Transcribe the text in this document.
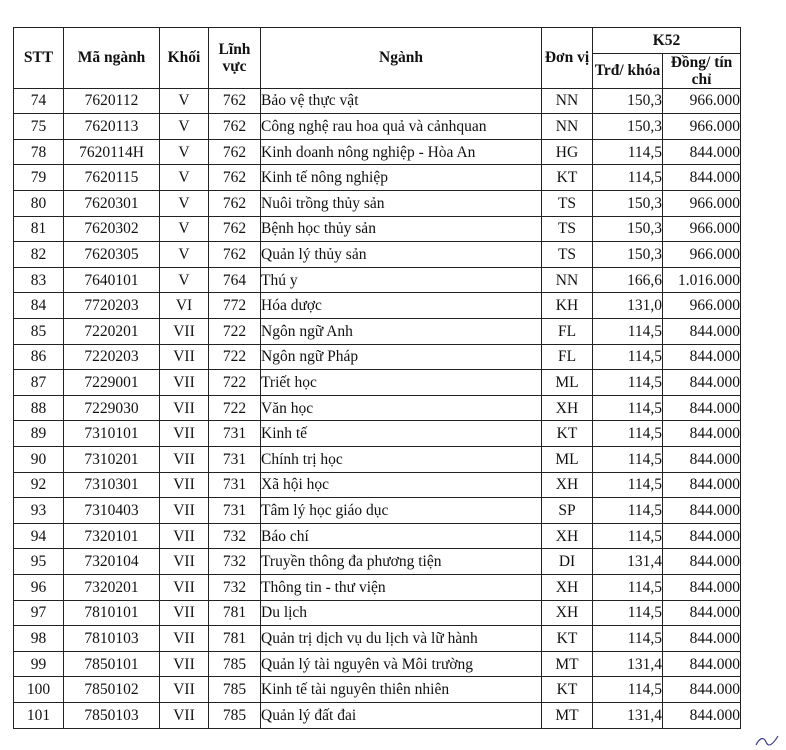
STT	Mã ngành	Khối	Lĩnh vực	Ngành	Đơn vị	K52	
						Trđ/ khóa	Đồng/ tín chỉ
74	7620112	V	762	Bảo vệ thực vật	NN	150,3	966.000
75	7620113	V	762	Công nghệ rau hoa quả và cảnhquan	NN	150,3	966.000
78	7620114H	V	762	Kinh doanh nông nghiệp - Hòa An	HG	114,5	844.000
79	7620115	V	762	Kinh tế nông nghiệp	KT	114,5	844.000
80	7620301	V	762	Nuôi trồng thủy sản	TS	150,3	966.000
81	7620302	V	762	Bệnh học thủy sản	TS	150,3	966.000
82	7620305	V	762	Quản lý thủy sản	TS	150,3	966.000
83	7640101	V	764	Thú y	NN	166,6	1.016.000
84	7720203	VI	772	Hóa dược	KH	131,0	966.000
85	7220201	VII	722	Ngôn ngữ Anh	FL	114,5	844.000
86	7220203	VII	722	Ngôn ngữ Pháp	FL	114,5	844.000
87	7229001	VII	722	Triết học	ML	114,5	844.000
88	7229030	VII	722	Văn học	XH	114,5	844.000
89	7310101	VII	731	Kinh tế	KT	114,5	844.000
90	7310201	VII	731	Chính trị học	ML	114,5	844.000
92	7310301	VII	731	Xã hội học	XH	114,5	844.000
93	7310403	VII	731	Tâm lý học giáo dục	SP	114,5	844.000
94	7320101	VII	732	Báo chí	XH	114,5	844.000
95	7320104	VII	732	Truyền thông đa phương tiện	DI	131,4	844.000
96	7320201	VII	732	Thông tin - thư viện	XH	114,5	844.000
97	7810101	VII	781	Du lịch	XH	114,5	844.000
98	7810103	VII	781	Quản trị dịch vụ du lịch và lữ hành	KT	114,5	844.000
99	7850101	VII	785	Quản lý tài nguyên và Môi trường	MT	131,4	844.000
100	7850102	VII	785	Kinh tế tài nguyên thiên nhiên	KT	114,5	844.000
101	7850103	VII	785	Quản lý đất đai	MT	131,4	844.000
